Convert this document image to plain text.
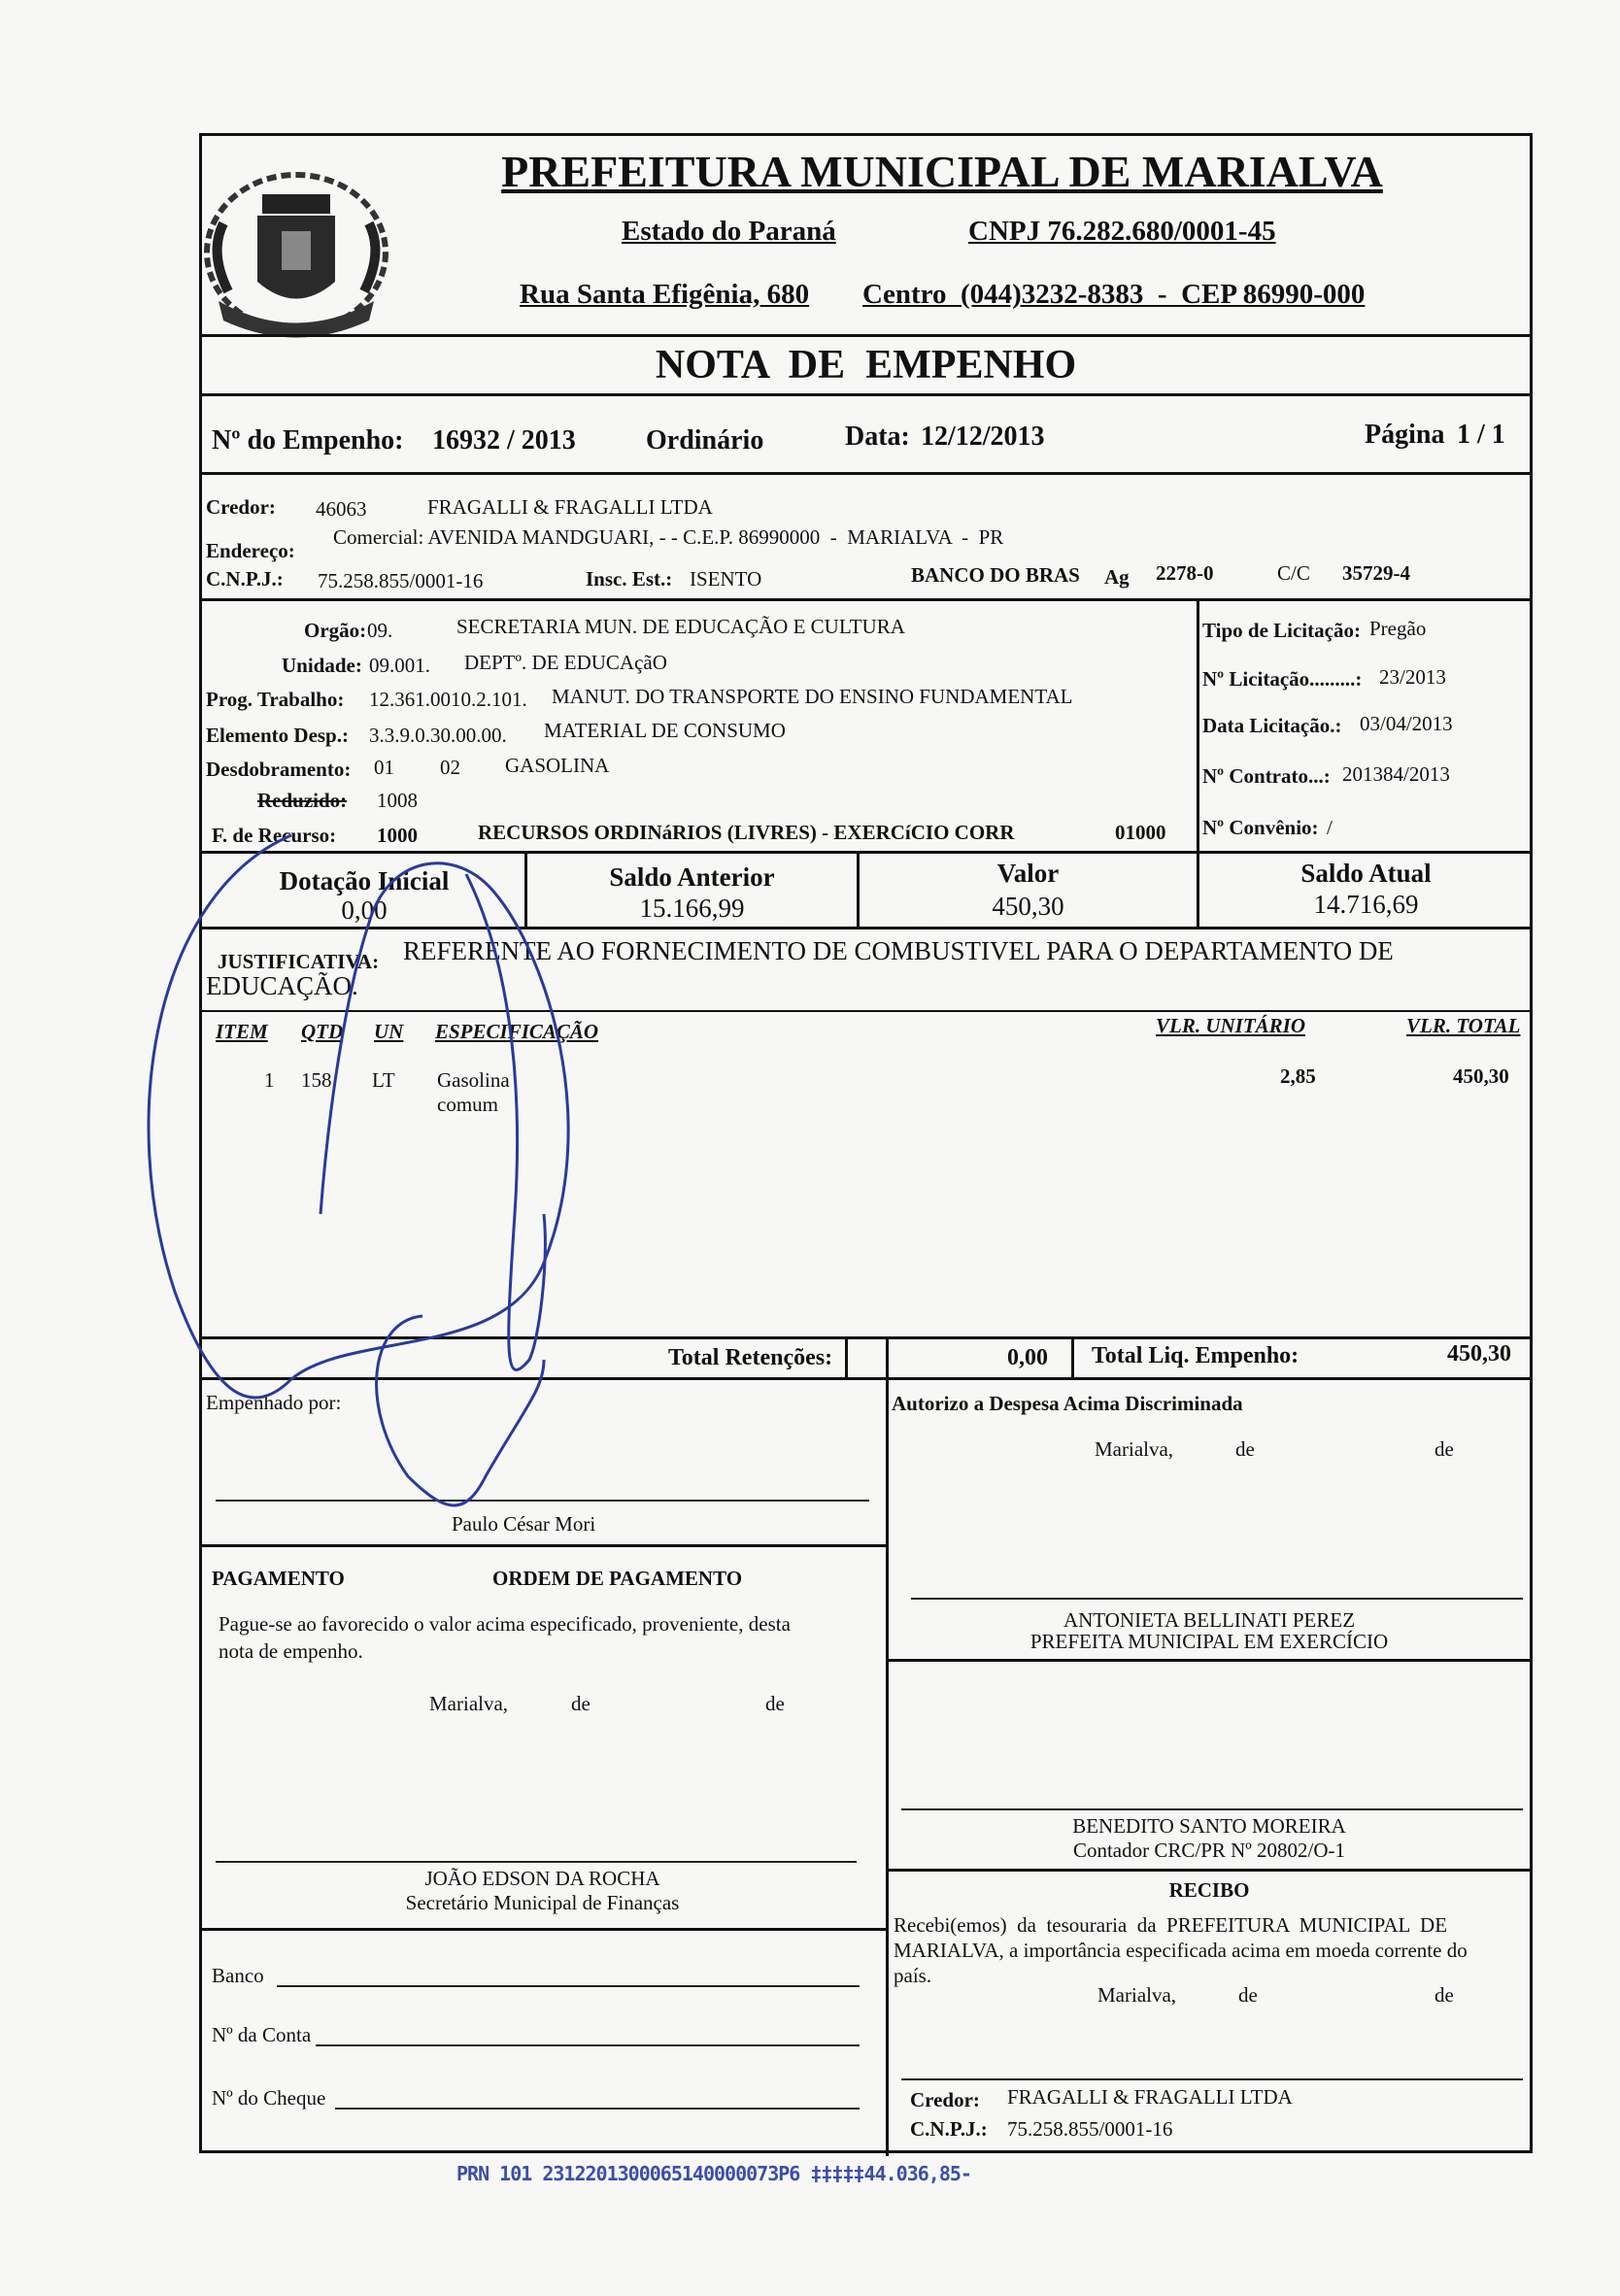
PREFEITURA MUNICIPAL DE MARIALVA
Estado do Paraná	CNPJ 76.282.680/0001-45
Rua Santa Efigênia, 680 Centro  (044)3232-8383  -  CEP 86990-000
NOTA  DE  EMPENHO
Nº do Empenho: 16932 / 2013	Ordinário	Data: 12/12/2013	Página 1 / 1
Credor: 46063	FRAGALLI & FRAGALLI LTDA
Endereço:
Comercial: AVENIDA MANDGUARI, - - C.E.P. 86990000  -  MARIALVA  -  PR
C.N.P.J.: 75.258.855/0001-16	Insc. Est.: ISENTO	BANCO DO BRAS Ag 2278-0	C/C 35729-4
Orgão: 09.	SECRETARIA MUN. DE EDUCAÇÃO E CULTURA
Unidade: 09.001. DEPTº. DE EDUCAçãO
Prog. Trabalho: 12.361.0010.2.101. MANUT. DO TRANSPORTE DO ENSINO FUNDAMENTAL
Elemento Desp.: 3.3.9.0.30.00.00. MATERIAL DE CONSUMO
Desdobramento: 01 02 GASOLINA
Reduzido: 1008
F. de Recurso: 1000	RECURSOS ORDINáRIOS (LIVRES) - EXERCíCIO CORR	01000
Tipo de Licitação: Pregão
Nº Licitação.........: 23/2013
Data Licitação.: 03/04/2013
Nº Contrato...: 201384/2013
Nº Convênio: /
Dotação Inicial
0,00
Saldo Anterior
15.166,99
Valor
450,30
Saldo Atual
14.716,69
JUSTIFICATIVA: REFERENTE AO FORNECIMENTO DE COMBUSTIVEL PARA O DEPARTAMENTO DE
EDUCAÇÃO.
ITEM QTD UN ESPECIFICAÇÃO	VLR. UNITÁRIO	VLR. TOTAL
1 158 LT Gasolina comum
2,85	450,30
Total Retenções:	0,00 Total Liq. Empenho:	450,30
Empenhado por:
Paulo César Mori
Autorizo a Despesa Acima Discriminada
Marialva,	de	de
ANTONIETA BELLINATI PEREZ
PREFEITA MUNICIPAL EM EXERCÍCIO
BENEDITO SANTO MOREIRA
Contador CRC/PR Nº 20802/O-1
PAGAMENTO	ORDEM DE PAGAMENTO
Pague-se ao favorecido o valor acima especificado, proveniente, desta
nota de empenho.
Marialva,	de	de
JOÃO EDSON DA ROCHA
Secretário Municipal de Finanças
Banco
Nº da Conta
Nº do Cheque
RECIBO
Recebi(emos)  da  tesouraria  da  PREFEITURA  MUNICIPAL  DE
MARIALVA, a importância especificada acima em moeda corrente do
país.
Marialva,	de	de
Credor: FRAGALLI & FRAGALLI LTDA
C.N.P.J.: 75.258.855/0001-16
PRN 101 2312201300065140000073P6 ‡‡‡‡‡44.036,85-
